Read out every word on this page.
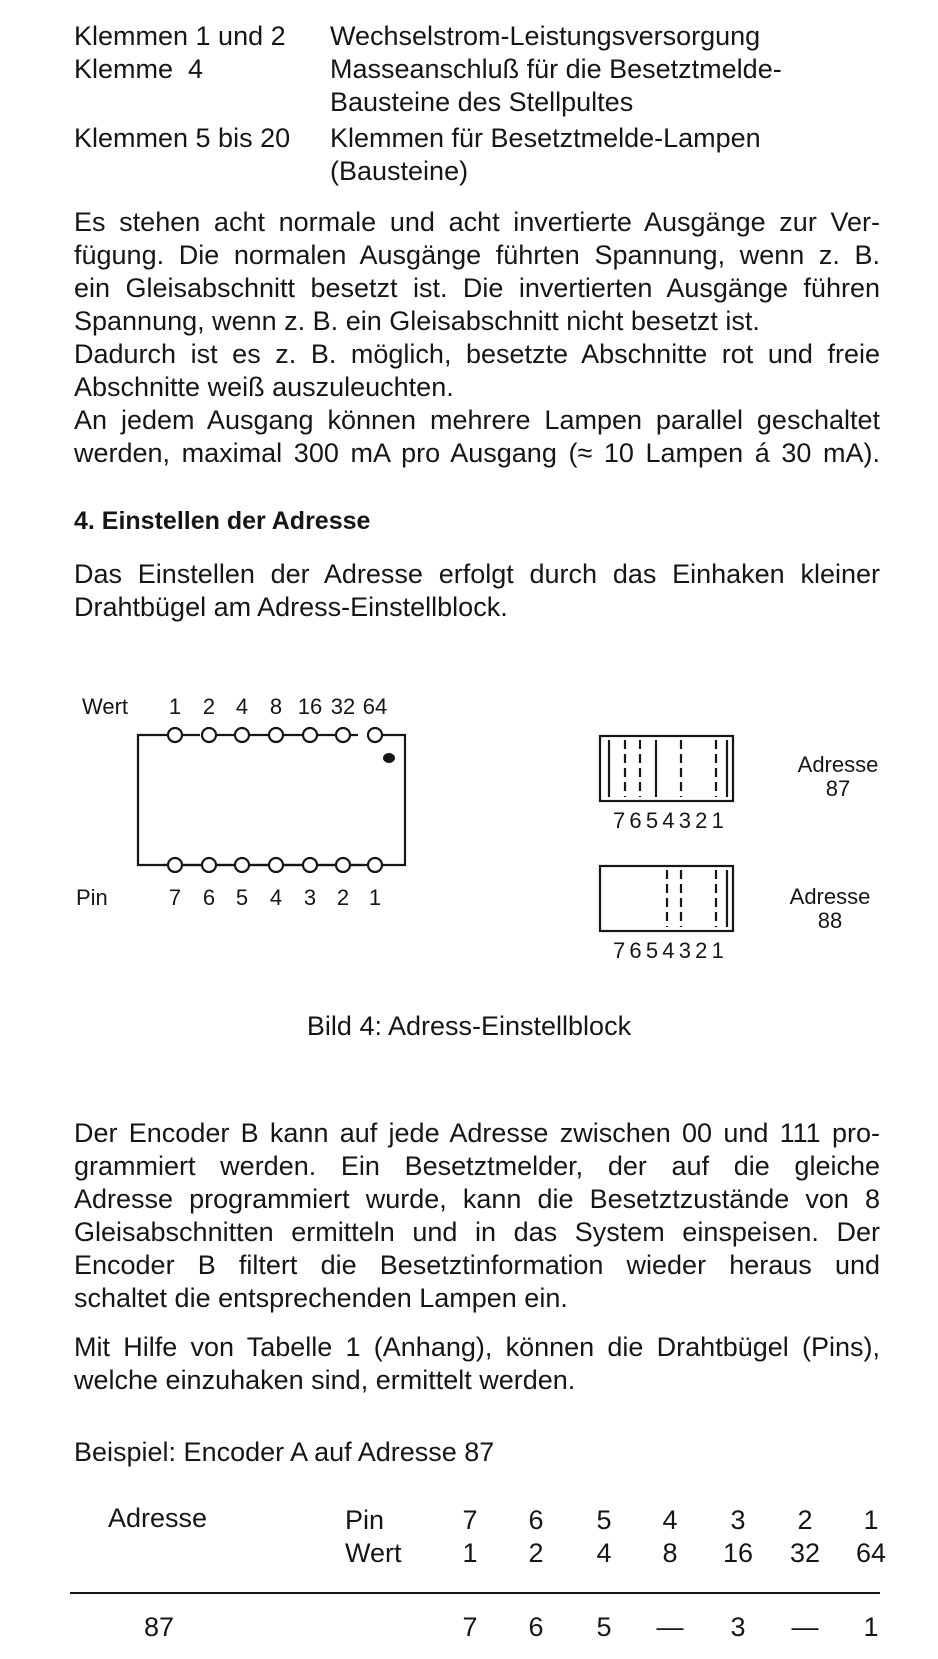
Klemmen 1 und 2 Wechselstrom-Leistungsversorgung
Klemme  4	Masseanschluß für die Besetztmelde-
Bausteine des Stellpultes
Klemmen 5 bis 20 Klemmen für Besetztmelde-Lampen
(Bausteine)
Es stehen acht normale und acht invertierte Ausgänge zur Ver-
fügung. Die normalen Ausgänge führten Spannung, wenn z. B.
ein Gleisabschnitt besetzt ist. Die invertierten Ausgänge führen
Spannung, wenn z. B. ein Gleisabschnitt nicht besetzt ist.
Dadurch ist es z. B. möglich, besetzte Abschnitte rot und freie
Abschnitte weiß auszuleuchten.
An jedem Ausgang können mehrere Lampen parallel geschaltet
werden, maximal 300 mA pro Ausgang (≈ 10 Lampen á 30 mA).
4. Einstellen der Adresse
Das Einstellen der Adresse erfolgt durch das Einhaken kleiner
Drahtbügel am Adress-Einstellblock.
Wert
Pin
1 2 4 8 16 32 64
7 6 5 4 3 2 1
7654321
7654321
Adresse
87
Adresse
88
Bild 4: Adress-Einstellblock
Der Encoder B kann auf jede Adresse zwischen 00 und 111 pro-
grammiert werden. Ein Besetztmelder, der auf die gleiche
Adresse programmiert wurde, kann die Besetztzustände von 8
Gleisabschnitten ermitteln und in das System einspeisen. Der
Encoder B filtert die Besetztinformation wieder heraus und
schaltet die entsprechenden Lampen ein.
Mit Hilfe von Tabelle 1 (Anhang), können die Drahtbügel (Pins),
welche einzuhaken sind, ermittelt werden.
Beispiel: Encoder A auf Adresse 87
Adresse	Pin
Wert
7
1
7
6
2
6
5
4
5
4
8
—
3
16
3
2
32
—
1
64
1
87
